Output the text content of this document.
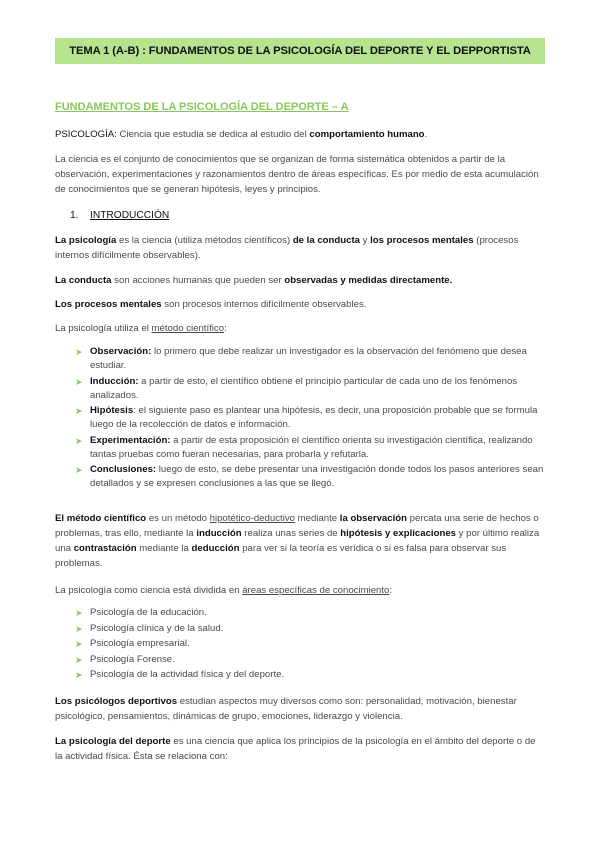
TEMA 1 (A-B) : FUNDAMENTOS DE LA PSICOLOGÍA DEL DEPORTE Y EL DEPPORTISTA
FUNDAMENTOS DE LA PSICOLOGÍA DEL DEPORTE – A
PSICOLOGÍA: Ciencia que estudia se dedica al estudio del comportamiento humano.
La ciencia es el conjunto de conocimientos que se organizan de forma sistemática obtenidos a partir de la observación, experimentaciones y razonamientos dentro de áreas específicas. Es por medio de esta acumulación de conocimientos que se generan hipótesis, leyes y principios.
1. INTRODUCCIÓN
La psicología es la ciencia (utiliza métodos científicos) de la conducta y los procesos mentales (procesos internos difícilmente observables).
La conducta son acciones humanas que pueden ser observadas y medidas directamente.
Los procesos mentales son procesos internos difícilmente observables.
La psicología utiliza el método científico:
➤ Observación: lo primero que debe realizar un investigador es la observación del fenómeno que desea estudiar.
➤ Inducción: a partir de esto, el científico obtiene el principio particular de cada uno de los fenómenos analizados.
➤ Hipótesis: el siguiente paso es plantear una hipótesis, es decir, una proposición probable que se formula luego de la recolección de datos e información.
➤ Experimentación: a partir de esta proposición el científico orienta su investigación científica, realizando tantas pruebas como fueran necesarias, para probarla y refutarla.
➤ Conclusiones: luego de esto, se debe presentar una investigación donde todos los pasos anteriores sean detallados y se expresen conclusiones a las que se llegó.
El método científico es un método hipotético-deductivo mediante la observación percata una serie de hechos o problemas, tras ello, mediante la inducción realiza unas series de hipótesis y explicaciones y por último realiza una contrastación mediante la deducción para ver si la teoría es verídica o si es falsa para observar sus problemas.
La psicología como ciencia está dividida en áreas específicas de conocimiento:
➤ Psicología de la educación.
➤ Psicología clínica y de la salud.
➤ Psicología empresarial.
➤ Psicología Forense.
➤ Psicología de la actividad física y del deporte.
Los psicólogos deportivos estudian aspectos muy diversos como son: personalidad, motivación, bienestar psicológico, pensamientos, dinámicas de grupo, emociones, liderazgo y violencia.
La psicología del deporte es una ciencia que aplica los principios de la psicología en el ámbito del deporte o de la actividad física. Ésta se relaciona con:
